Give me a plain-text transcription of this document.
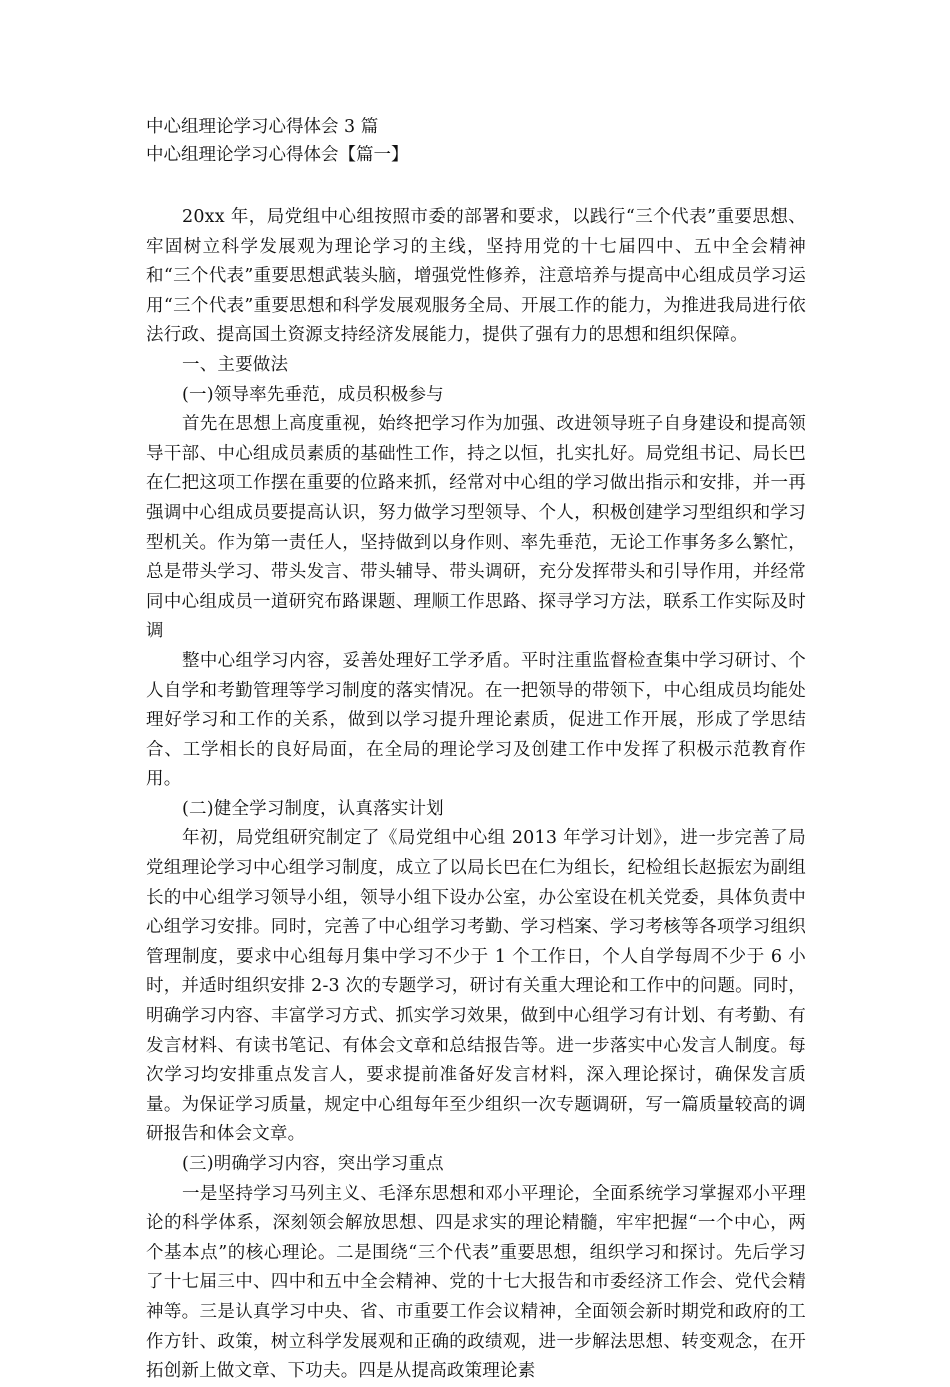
中心组理论学习心得体会 3 篇

中心组理论学习心得体会【篇一】

20xx 年，局党组中心组按照市委的部署和要求，以践行“三个代表”重要思想、牢固树立科学发展观为理论学习的主线，坚持用党的十七届四中、五中全会精神和“三个代表”重要思想武装头脑，增强党性修养，注意培养与提高中心组成员学习运用“三个代表”重要思想和科学发展观服务全局、开展工作的能力，为推进我局进行依法行政、提高国土资源支持经济发展能力，提供了强有力的思想和组织保障。

一、主要做法

(一)领导率先垂范，成员积极参与

首先在思想上高度重视，始终把学习作为加强、改进领导班子自身建设和提高领导干部、中心组成员素质的基础性工作，持之以恒，扎实扎好。局党组书记、局长巴在仁把这项工作摆在重要的位路来抓，经常对中心组的学习做出指示和安排，并一再强调中心组成员要提高认识，努力做学习型领导、个人，积极创建学习型组织和学习型机关。作为第一责任人，坚持做到以身作则、率先垂范，无论工作事务多么繁忙，总是带头学习、带头发言、带头辅导、带头调研，充分发挥带头和引导作用，并经常同中心组成员一道研究布路课题、理顺工作思路、探寻学习方法，联系工作实际及时调

整中心组学习内容，妥善处理好工学矛盾。平时注重监督检查集中学习研讨、个人自学和考勤管理等学习制度的落实情况。在一把领导的带领下，中心组成员均能处理好学习和工作的关系，做到以学习提升理论素质，促进工作开展，形成了学思结合、工学相长的良好局面，在全局的理论学习及创建工作中发挥了积极示范教育作用。

(二)健全学习制度，认真落实计划

年初，局党组研究制定了《局党组中心组 2013 年学习计划》，进一步完善了局党组理论学习中心组学习制度，成立了以局长巴在仁为组长，纪检组长赵振宏为副组长的中心组学习领导小组，领导小组下设办公室，办公室设在机关党委，具体负责中心组学习安排。同时，完善了中心组学习考勤、学习档案、学习考核等各项学习组织管理制度，要求中心组每月集中学习不少于 1 个工作日，个人自学每周不少于 6 小时，并适时组织安排 2-3 次的专题学习，研讨有关重大理论和工作中的问题。同时，明确学习内容、丰富学习方式、抓实学习效果，做到中心组学习有计划、有考勤、有发言材料、有读书笔记、有体会文章和总结报告等。进一步落实中心发言人制度。每次学习均安排重点发言人，要求提前准备好发言材料，深入理论探讨，确保发言质量。为保证学习质量，规定中心组每年至少组织一次专题调研，写一篇质量较高的调研报告和体会文章。

(三)明确学习内容，突出学习重点

一是坚持学习马列主义、毛泽东思想和邓小平理论，全面系统学习掌握邓小平理论的科学体系，深刻领会解放思想、四是求实的理论精髓，牢牢把握“一个中心，两个基本点”的核心理论。二是围绕“三个代表”重要思想，组织学习和探讨。先后学习了十七届三中、四中和五中全会精神、党的十七大报告和市委经济工作会、党代会精神等。三是认真学习中央、省、市重要工作会议精神，全面领会新时期党和政府的工作方针、政策，树立科学发展观和正确的政绩观，进一步解法思想、转变观念，在开拓创新上做文章、下功夫。四是从提高政策理论素
